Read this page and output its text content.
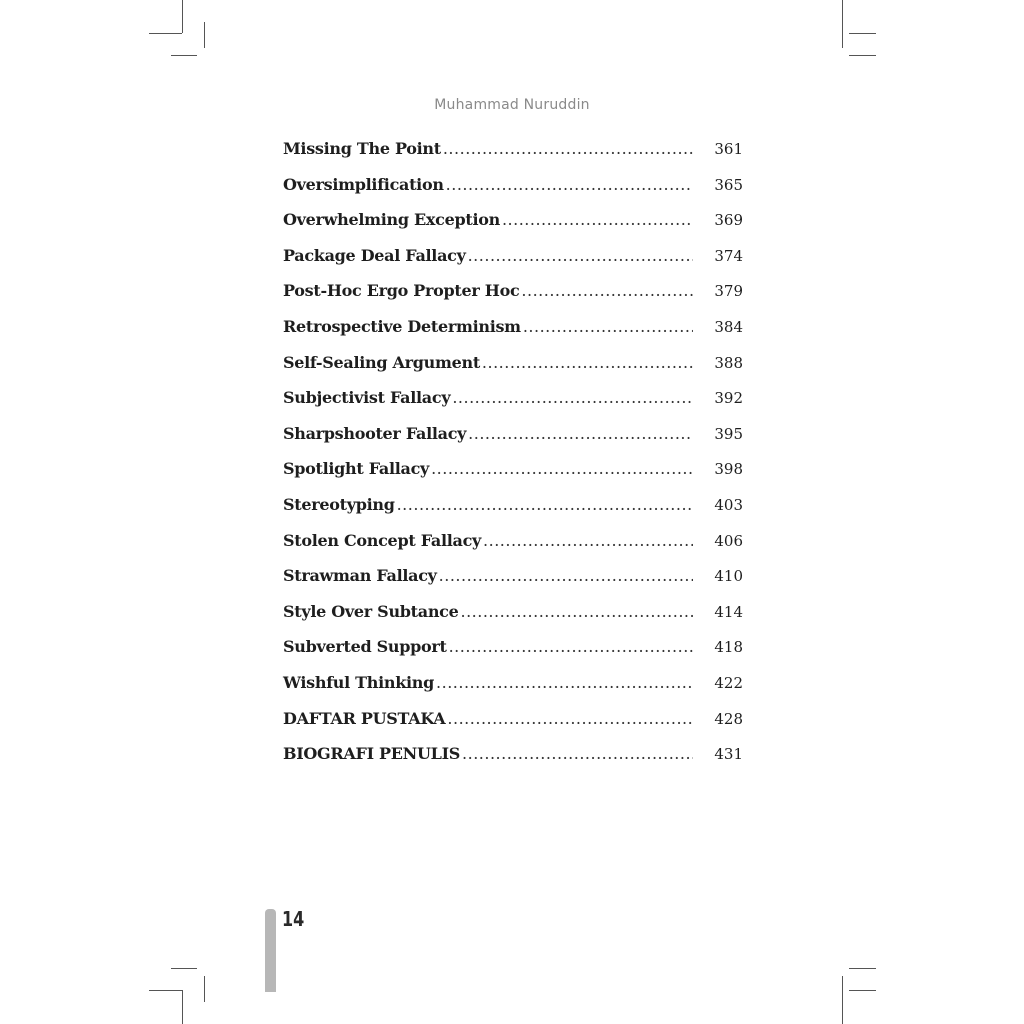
Muhammad Nuruddin
Missing The Point .....	361
Oversimplification .....	365
Overwhelming Exception .....	369
Package Deal Fallacy .....	374
Post-Hoc Ergo Propter Hoc .....	379
Retrospective Determinism .....	384
Self-Sealing Argument .....	388
Subjectivist Fallacy .....	392
Sharpshooter Fallacy .....	395
Spotlight Fallacy .....	398
Stereotyping .....	403
Stolen Concept Fallacy .....	406
Strawman Fallacy .....	410
Style Over Subtance .....	414
Subverted Support .....	418
Wishful Thinking .....	422
DAFTAR PUSTAKA .....	428
BIOGRAFI PENULIS .....	431
14
